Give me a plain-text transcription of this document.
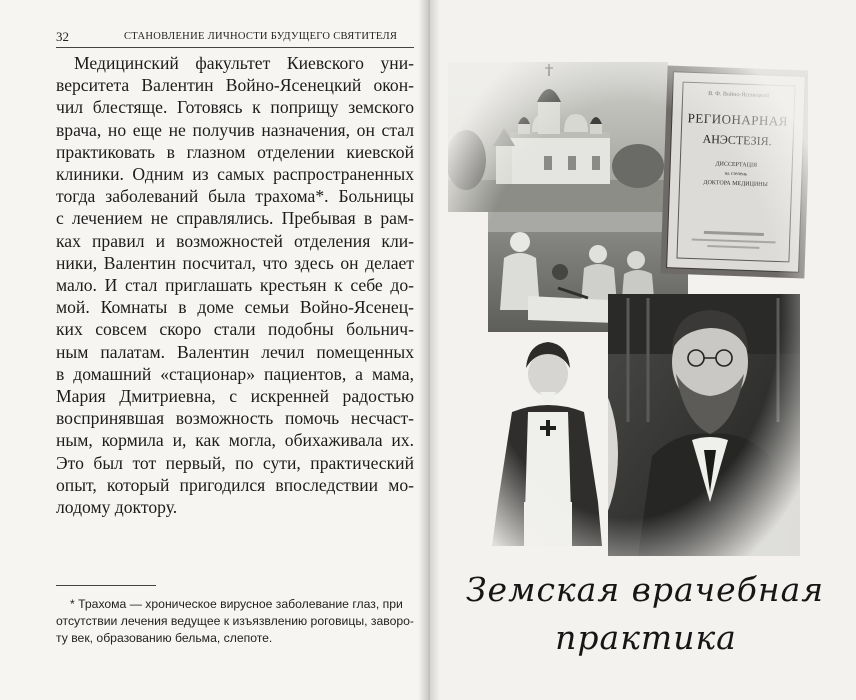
32	СТАНОВЛЕНИЕ ЛИЧНОСТИ БУДУЩЕГО СВЯТИТЕЛЯ
Медицинский факультет Киевского уни-
верситета Валентин Войно-Ясенецкий окон-
чил блестяще. Готовясь к поприщу земского
врача, но еще не получив назначения, он стал
практиковать в глазном отделении киевской
клиники. Одним из самых распространенных
тогда заболеваний была трахома*. Больницы
с лечением не справлялись. Пребывая в рам-
ках правил и возможностей отделения кли-
ники, Валентин посчитал, что здесь он делает
мало. И стал приглашать крестьян к себе до-
мой. Комнаты в доме семьи Войно-Ясенец-
ких совсем скоро стали подобны больнич-
ным палатам. Валентин лечил помещенных
в домашний «стационар» пациентов, а мама,
Мария Дмитриевна, с искренней радостью
воспринявшая возможность помочь несчаст-
ным, кормила и, как могла, обихаживала их.
Это был тот первый, по сути, практический
опыт, который пригодился впоследствии мо-
лодому доктору.
* Трахома — хроническое вирусное заболевание глаз, при
отсутствии лечения ведущее к изъязвлению роговицы, заворо-
ту век, образованию бельма, слепоте.
Земская врачебная
практика
